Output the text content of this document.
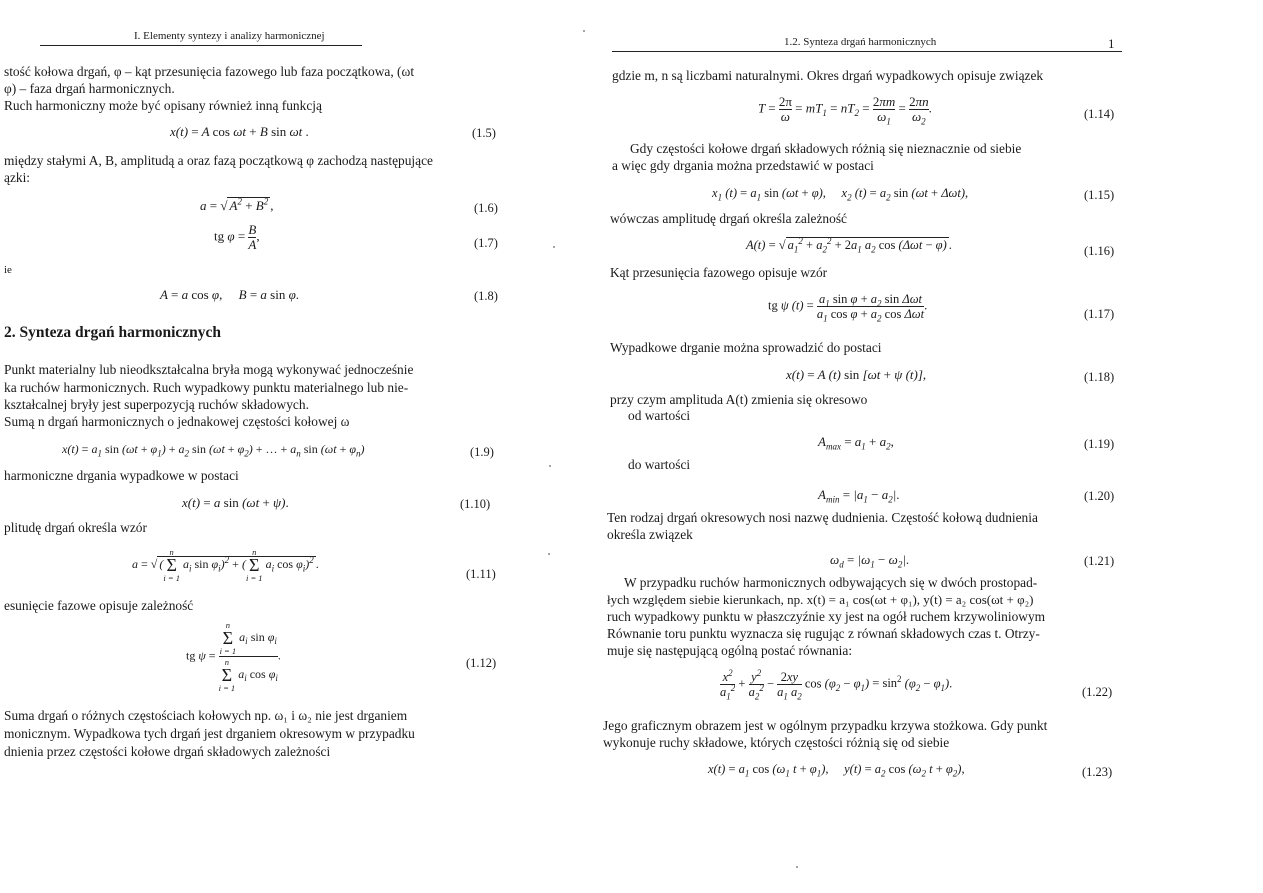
I. Elementy syntezy i analizy harmonicznej
stość kołowa drgań, φ – kąt przesunięcia fazowego lub faza początkowa, (ωt
φ) – faza drgań harmonicznych.
Ruch harmoniczny może być opisany również inną funkcją
x(t) = A cos ωt + B sin ωt .	(1.5)
między stałymi A, B, amplitudą a oraz fazą początkową φ zachodzą następujące
ązki:
a = √ $A^2 + B^2$ ,	(1.6)
tg $\varphi = \frac{B}{A}$ ,	(1.7)
ie
A = a cos φ,     B = a sin φ.	(1.8)
2. Synteza drgań harmonicznych
Punkt materialny lub nieodkształcalna bryła mogą wykonywać jednocześnie
ka ruchów harmonicznych. Ruch wypadkowy punktu materialnego lub nie-
kształcalnej bryły jest superpozycją ruchów składowych.
Sumą n drgań harmonicznych o jednakowej częstości kołowej ω
$x(t) = a_1$ $\sin (\omega t + \varphi_1) + a_2$ $\sin (\omega t + \varphi_2)$ + … + $a_n$ $\sin (\omega t + \varphi_n)$	(1.9)
harmoniczne drgania wypadkowe w postaci
x(t) = a sin (ωt + ψ).	(1.10)
plitudę drgań określa wzór
a = √ (
n
Σ
i = 1
$a_i$ $\sin \varphi_i)^2$ + (
n
Σ
i = 1
$a_i$ $\cos \varphi_i)^2$ .
(1.11)
esunięcie fazowe opisuje zależność
tg ψ = n
Σ
i = 1
$a_i$ $\sin \varphi_i$
n
Σ
i = 1
$a_i$ $\cos \varphi_i$ .
(1.12)
Suma drgań o różnych częstościach kołowych np. ω₁ i ω₂ nie jest drganiem
monicznym. Wypadkowa tych drgań jest drganiem okresowym w przypadku
dnienia przez częstości kołowe drgań składowych zależności
1.2. Synteza drgań harmonicznych	1
gdzie m, n są liczbami naturalnymi. Okres drgań wypadkowych opisuje związek
$T = \frac{2\pi}{\omega} = mT_1 = nT_2 = \frac{2\pi m}{\omega_1} = \frac{2\pi n}{\omega_2}$ .	(1.14)
Gdy częstości kołowe drgań składowych różnią się nieznacznie od siebie
a więc gdy drgania można przedstawić w postaci
$x_1$ $(t) = a_1$ sin (ωt + φ),     $x_2$ $(t) = a_2$ sin (ωt + Δωt),	(1.15)
wówczas amplitudę drgań określa zależność
A(t) = √ $a_1^2 + a_2^2 + 2a_1$ $a_2$ cos (Δωt − φ) .	(1.16)
Kąt przesunięcia fazowego opisuje wzór
tg ψ $(t) = \frac{a_1 \sin \varphi + a_2 \sin \Delta\omega t}{a_1 \cos \varphi + a_2 \cos \Delta\omega t}$ .
(1.17)
Wypadkowe drganie można sprowadzić do postaci
x(t) = A (t) sin [ωt + ψ (t)],	(1.18)
przy czym amplituda A(t) zmienia się okresowo
od wartości
$A_{max} = a_1 + a_2$,	(1.19)
do wartości
$A_{min} = |a_1 - a_2|$.	(1.20)
Ten rodzaj drgań okresowych nosi nazwę dudnienia. Częstość kołową dudnienia
określa związek
$\omega_d = |\omega_1 - \omega_2|$.	(1.21)
W przypadku ruchów harmonicznych odbywających się w dwóch prostopad-
łych względem siebie kierunkach, np. x(t) = a₁ cos(ωt + φ₁), y(t) = a₂ cos(ωt + φ₂)
ruch wypadkowy punktu w płaszczyźnie xy jest na ogół ruchem krzywoliniowym
Równanie toru punktu wyznacza się rugując z równań składowych czas t. Otrzy-
muje się następującą ogólną postać równania:
$\frac{x^2}{a_1^2} + \frac{y^2}{a_2^2} - \frac{2xy}{a_1 a_2}$ $\cos (\varphi_2 - \varphi_1) = \sin^2 (\varphi_2 - \varphi_1)$.
(1.22)
Jego graficznym obrazem jest w ogólnym przypadku krzywa stożkowa. Gdy punkt
wykonuje ruchy składowe, których częstości różnią się od siebie
$x(t) = a_1$ $\cos (\omega_1$ $t + \varphi_1$),     $y(t) = a_2$ $\cos (\omega_2$ $t + \varphi_2$),	(1.23)
